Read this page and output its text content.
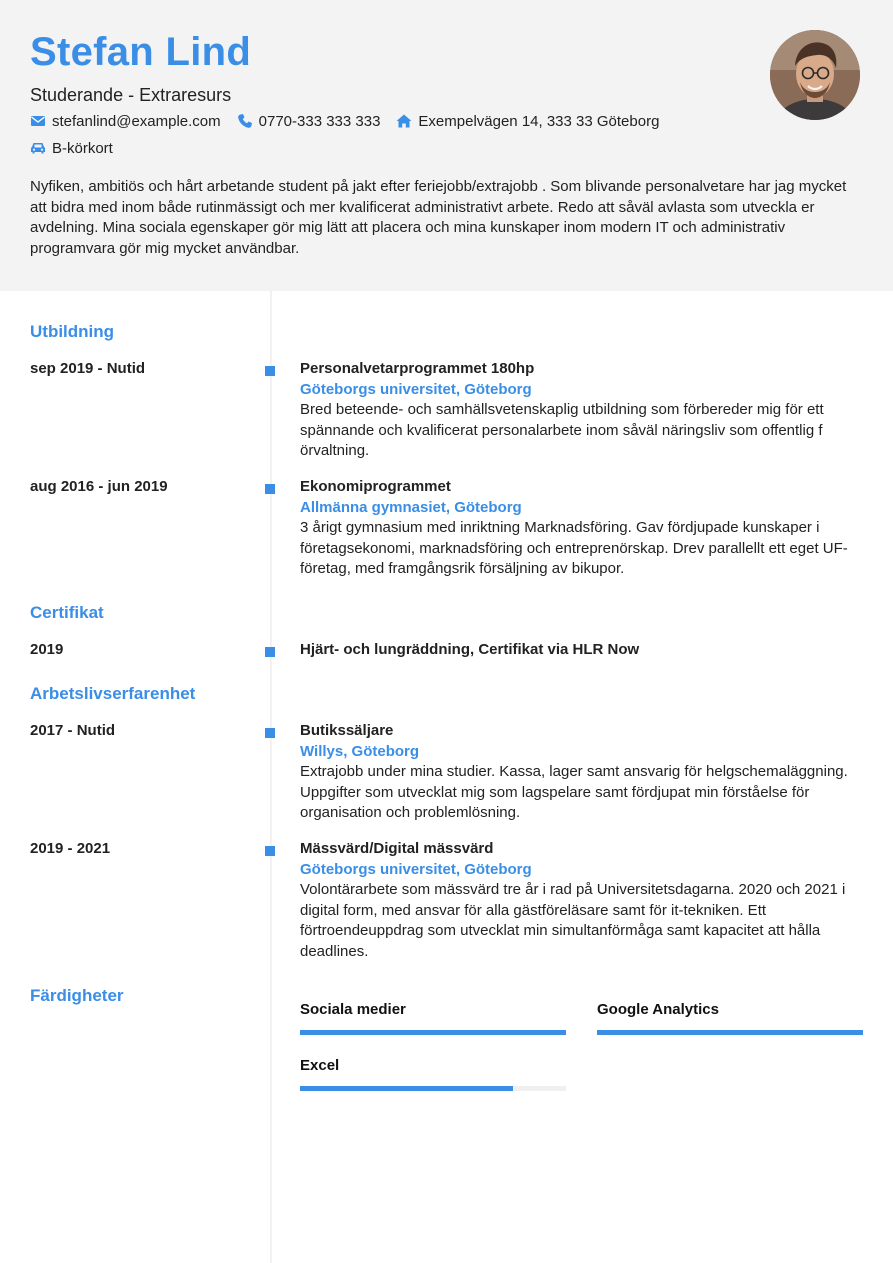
Stefan Lind
Studerande - Extraresurs
stefanlind@example.com	0770-333 333 333	Exempelvägen 14, 333 33 Göteborg
B-körkort
Nyfiken, ambitiös och hårt arbetande student på jakt efter feriejobb/extrajobb . Som blivande personalvetare har jag mycket att bidra med inom både rutinmässigt och mer kvalificerat administrativt arbete. Redo att såväl avlasta som utveckla er avdelning. Mina sociala egenskaper gör mig lätt att placera och mina kunskaper inom modern IT och administrativ programvara gör mig mycket användbar.
Utbildning
sep 2019 - Nutid	Personalvetarprogrammet 180hp
Göteborgs universitet, Göteborg
Bred beteende- och samhällsvetenskaplig utbildning som förbereder mig för ett spännande och kvalificerat personalarbete inom såväl näringsliv som offentlig f örvaltning.
aug 2016 - jun 2019	Ekonomiprogrammet
Allmänna gymnasiet, Göteborg
3 årigt gymnasium med inriktning Marknadsföring. Gav fördjupade kunskaper i företagsekonomi, marknadsföring och entreprenörskap. Drev parallellt ett eget UF-företag, med framgångsrik försäljning av bikupor.
Certifikat
2019	Hjärt- och lungräddning, Certifikat via HLR Now
Arbetslivserfarenhet
2017 - Nutid	Butikssäljare
Willys, Göteborg
Extrajobb under mina studier. Kassa, lager samt ansvarig för helgschemaläggning. Uppgifter som utvecklat mig som lagspelare samt fördjupat min förståelse för organisation och problemlösning.
2019 - 2021	Mässvärd/Digital mässvärd
Göteborgs universitet, Göteborg
Volontärarbete som mässvärd tre år i rad på Universitetsdagarna. 2020 och 2021 i digital form, med ansvar för alla gästföreläsare samt för it-tekniken. Ett förtroendeuppdrag som utvecklat min simultanförmåga samt kapacitet att hålla deadlines.
Färdigheter
Sociala medier	Google Analytics
Excel
